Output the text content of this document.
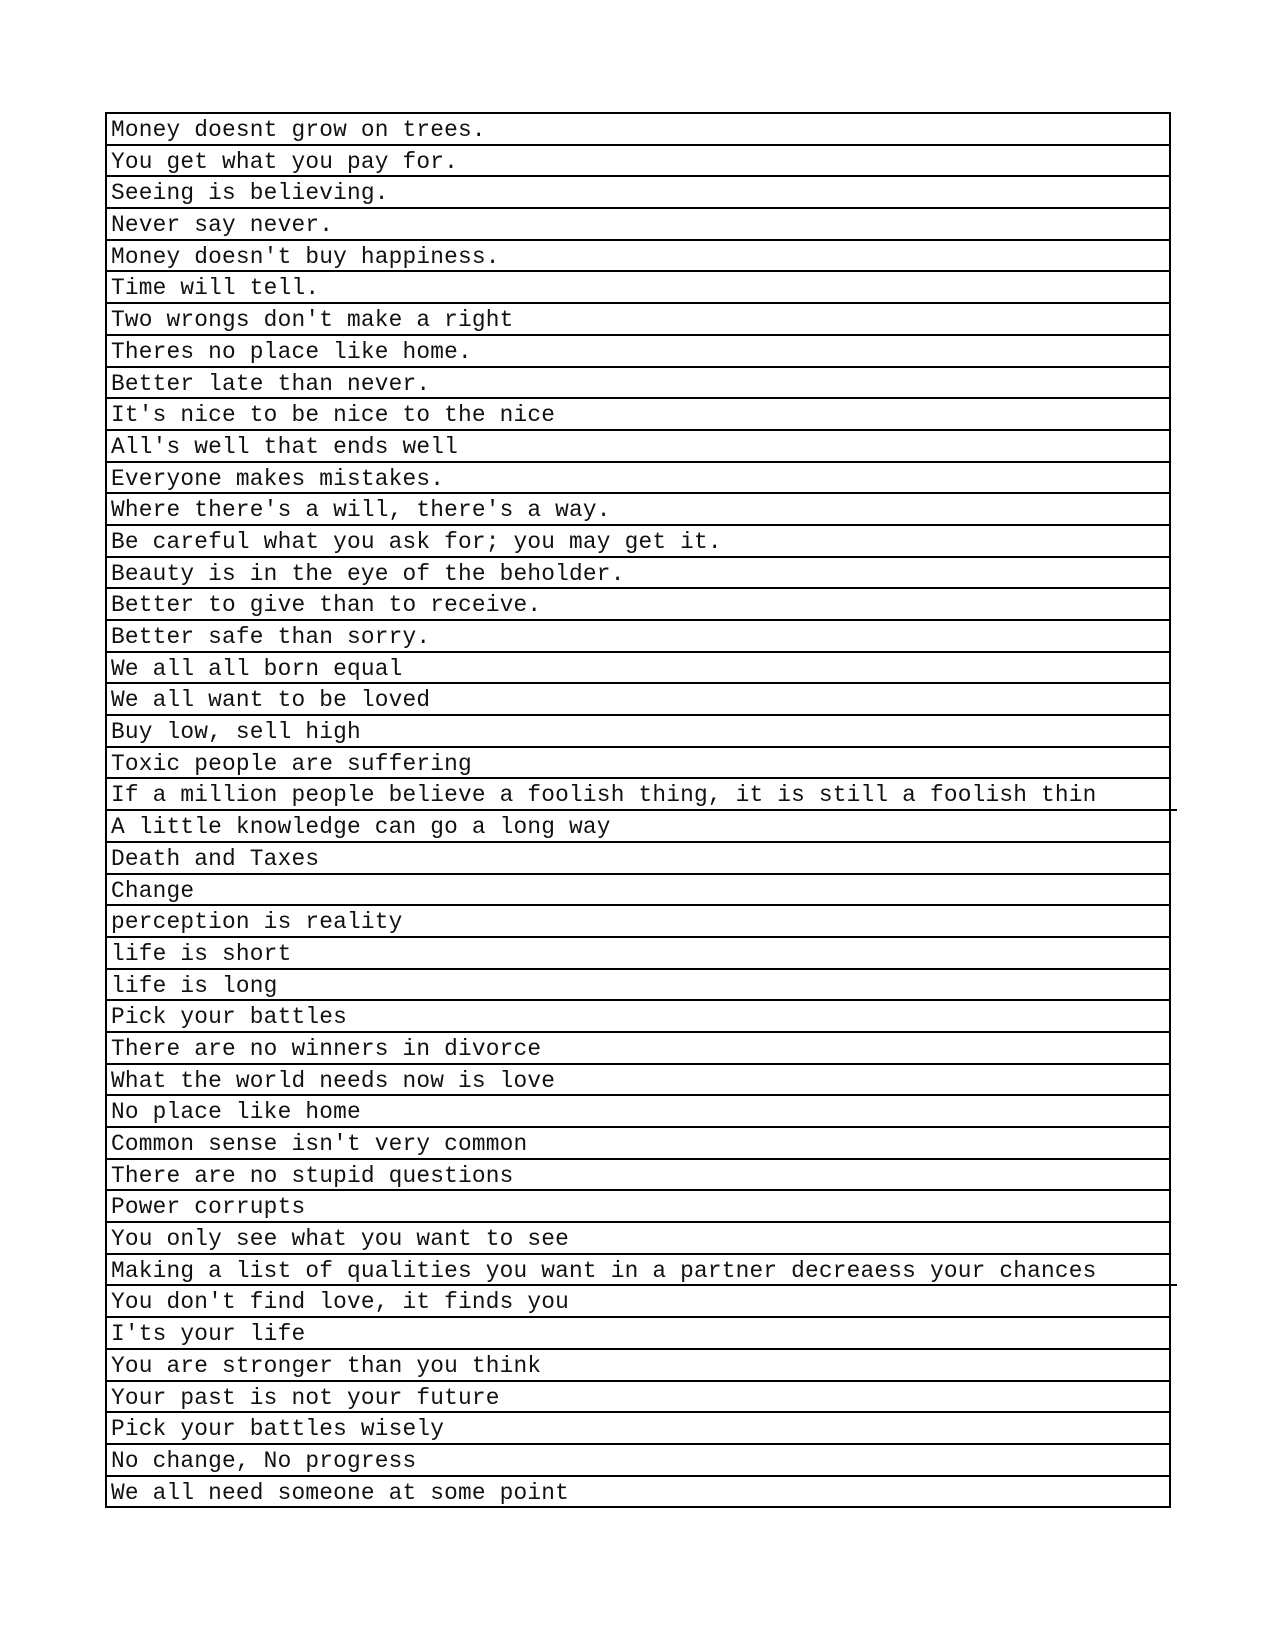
Money doesnt grow on trees.
You get what you pay for.
Seeing is believing.
Never say never.
Money doesn't buy happiness.
Time will tell.
Two wrongs don't make a right
Theres no place like home.
Better late than never.
It's nice to be nice to the nice
All's well that ends well
Everyone makes mistakes.
Where there's a will, there's a way.
Be careful what you ask for; you may get it.
Beauty is in the eye of the beholder.
Better to give than to receive.
Better safe than sorry.
We all all born equal
We all want to be loved
Buy low, sell high
Toxic people are suffering
If a million people believe a foolish thing, it is still a foolish thin
A little knowledge can go a long way
Death and Taxes
Change
perception is reality
life is short
life is long
Pick your battles
There are no winners in divorce
What the world needs now is love
No place like home
Common sense isn't very common
There are no stupid questions
Power corrupts
You only see what you want to see
Making a list of qualities you want in a partner decreaess your chances
You don't find love, it finds you
I'ts your life
You are stronger than you think
Your past is not your future
Pick your battles wisely
No change, No progress
We all need someone at some point
